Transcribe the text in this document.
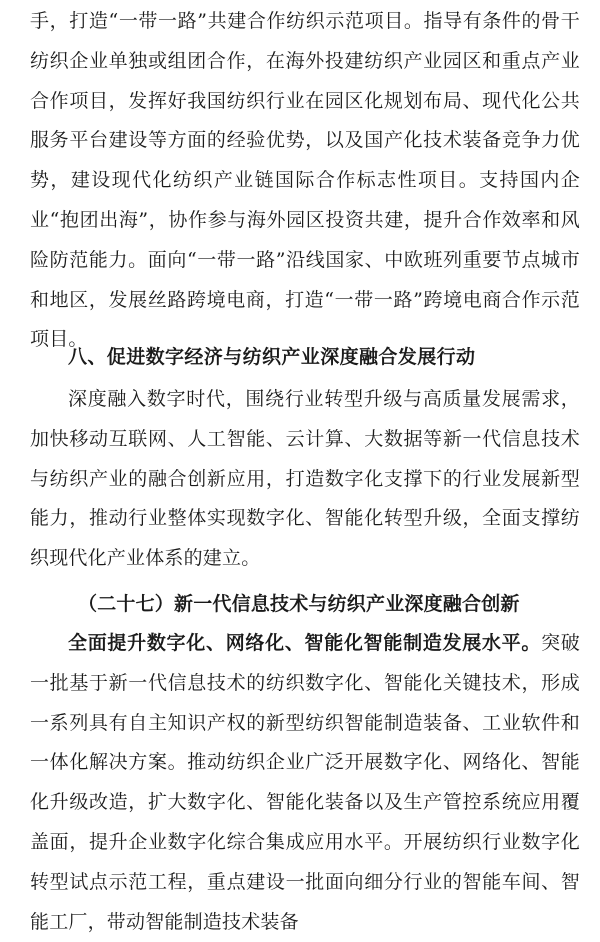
手，打造“一带一路”共建合作纺织示范项目。指导有条件的骨干纺织企业单独或组团合作，在海外投建纺织产业园区和重点产业合作项目，发挥好我国纺织行业在园区化规划布局、现代化公共服务平台建设等方面的经验优势，以及国产化技术装备竞争力优势，建设现代化纺织产业链国际合作标志性项目。支持国内企业“抱团出海”，协作参与海外园区投资共建，提升合作效率和风险防范能力。面向“一带一路”沿线国家、中欧班列重要节点城市和地区，发展丝路跨境电商，打造“一带一路”跨境电商合作示范项目。

八、促进数字经济与纺织产业深度融合发展行动

深度融入数字时代，围绕行业转型升级与高质量发展需求，加快移动互联网、人工智能、云计算、大数据等新一代信息技术与纺织产业的融合创新应用，打造数字化支撑下的行业发展新型能力，推动行业整体实现数字化、智能化转型升级，全面支撑纺织现代化产业体系的建立。

（二十七）新一代信息技术与纺织产业深度融合创新

全面提升数字化、网络化、智能化智能制造发展水平。突破一批基于新一代信息技术的纺织数字化、智能化关键技术，形成一系列具有自主知识产权的新型纺织智能制造装备、工业软件和一体化解决方案。推动纺织企业广泛开展数字化、网络化、智能化升级改造，扩大数字化、智能化装备以及生产管控系统应用覆盖面，提升企业数字化综合集成应用水平。开展纺织行业数字化转型试点示范工程，重点建设一批面向细分行业的智能车间、智能工厂，带动智能制造技术装备
